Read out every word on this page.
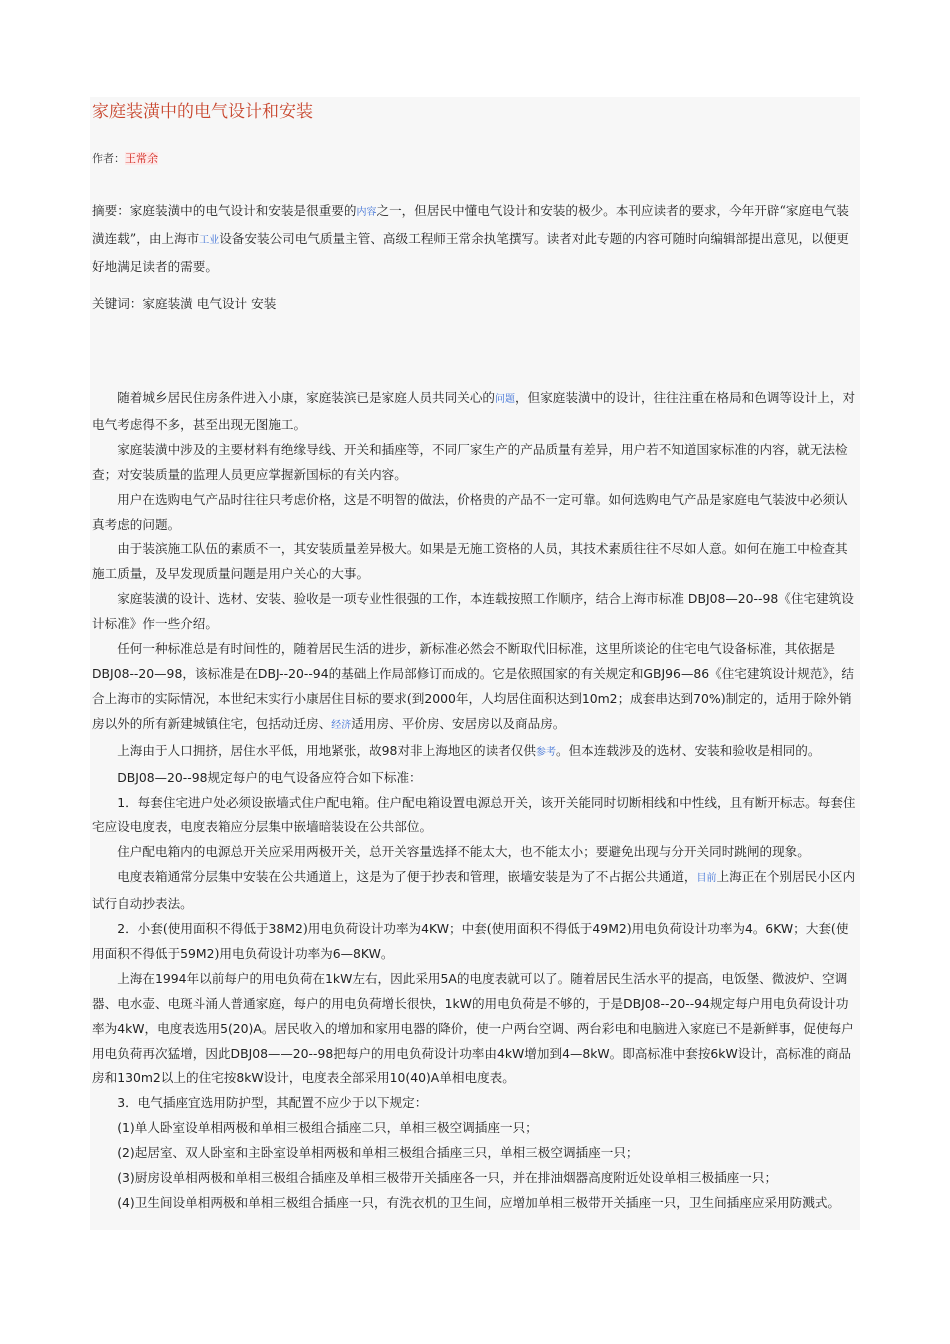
家庭装潢中的电气设计和安装
作者：王常余
摘要：家庭装潢中的电气设计和安装是很重要的内容之一，但居民中懂电气设计和安装的极少。本刊应读者的要求，今年开辟“家庭电气装潢连载”，由上海市工业设备安装公司电气质量主管、高级工程师王常余执笔撰写。读者对此专题的内容可随时向编辑部提出意见，以便更好地满足读者的需要。
关键词：家庭装潢 电气设计 安装

随着城乡居民住房条件进入小康，家庭装滨已是家庭人员共同关心的问题，但家庭装潢中的设计，往往注重在格局和色调等设计上，对电气考虑得不多，甚至出现无图施工。

家庭装潢中涉及的主要材料有绝缘导线、开关和插座等，不同厂家生产的产品质量有差异，用户若不知道国家标准的内容，就无法检查；对安装质量的监理人员更应掌握新国标的有关内容。

用户在选购电气产品时往往只考虑价格，这是不明智的做法，价格贵的产品不一定可靠。如何选购电气产品是家庭电气装波中必须认真考虑的问题。

由于装滨施工队伍的素质不一，其安装质量差异极大。如果是无施工资格的人员，其技术素质往往不尽如人意。如何在施工中检查其施工质量，及早发现质量问题是用户关心的大事。

家庭装潢的设计、选材、安装、验收是一项专业性很强的工作，本连载按照工作顺序，结合上海市标准 DBJ08—20--98《住宅建筑设计标准》作一些介绍。

任何一种标准总是有时间性的，随着居民生活的进步，新标准必然会不断取代旧标准，这里所谈论的住宅电气设备标准，其依据是 DBJ08--20—98，该标准是在DBJ--20--94的基础上作局部修订而成的。它是依照国家的有关规定和GBJ96—86《住宅建筑设计规范》，结合上海市的实际情况，本世纪末实行小康居住目标的要求(到2000年，人均居住面积达到10m2；成套串达到70%)制定的，适用于除外销房以外的所有新建城镇住宅，包括动迁房、经济适用房、平价房、安居房以及商品房。

上海由于人口拥挤，居住水平低，用地紧张，故98对非上海地区的读者仅供参考。但本连载涉及的选材、安装和验收是相同的。

DBJ08—20--98规定每户的电气设备应符合如下标准：

1．每套住宅进户处必须设嵌墙式住户配电箱。住户配电箱设置电源总开关，该开关能同时切断相线和中性线，且有断开标志。每套住宅应设电度表，电度表箱应分层集中嵌墙暗装设在公共部位。

住户配电箱内的电源总开关应采用两极开关，总开关容量选择不能太大，也不能太小；要避免出现与分开关同时跳闸的现象。

电度表箱通常分层集中安装在公共通道上，这是为了便于抄表和管理，嵌墙安装是为了不占据公共通道，目前上海正在个别居民小区内试行自动抄表法。

2．小套(使用面积不得低于38M2)用电负荷设计功率为4KW；中套(使用面积不得低于49M2)用电负荷设计功率为4。6KW；大套(使用面积不得低于59M2)用电负荷设计功率为6—8KW。

上海在1994年以前每户的用电负荷在1kW左右，因此采用5A的电度表就可以了。随着居民生活水平的提高，电饭堡、微波炉、空调器、电水壶、电斑斗涌人普通家庭，每户的用电负荷增长很快，1kW的用电负荷是不够的，于是DBJ08--20--94规定每户用电负荷设计功率为4kW，电度表选用5(20)A。居民收入的增加和家用电器的降价，使一户两台空调、两台彩电和电脑进入家庭已不是新鲜事，促使每户用电负荷再次猛增，因此DBJ08——20--98把每户的用电负荷设计功率由4kW增加到4—8kW。即高标准中套按6kW设计，高标准的商品房和130m2以上的住宅按8kW设计，电度表全部采用10(40)A单相电度表。

3．电气插座宜选用防护型，其配置不应少于以下规定：

(1)单人卧室设单相两极和单相三极组合插座二只，单相三极空调插座一只；

(2)起居室、双人卧室和主卧室设单相两极和单相三极组合插座三只，单相三极空调插座一只；

(3)厨房设单相两极和单相三极组合插座及单相三极带开关插座各一只，并在排油烟器高度附近处设单相三极插座一只；

(4)卫生间设单相两极和单相三极组合插座一只，有洗衣机的卫生间，应增加单相三极带开关插座一只，卫生间插座应采用防溅式。
